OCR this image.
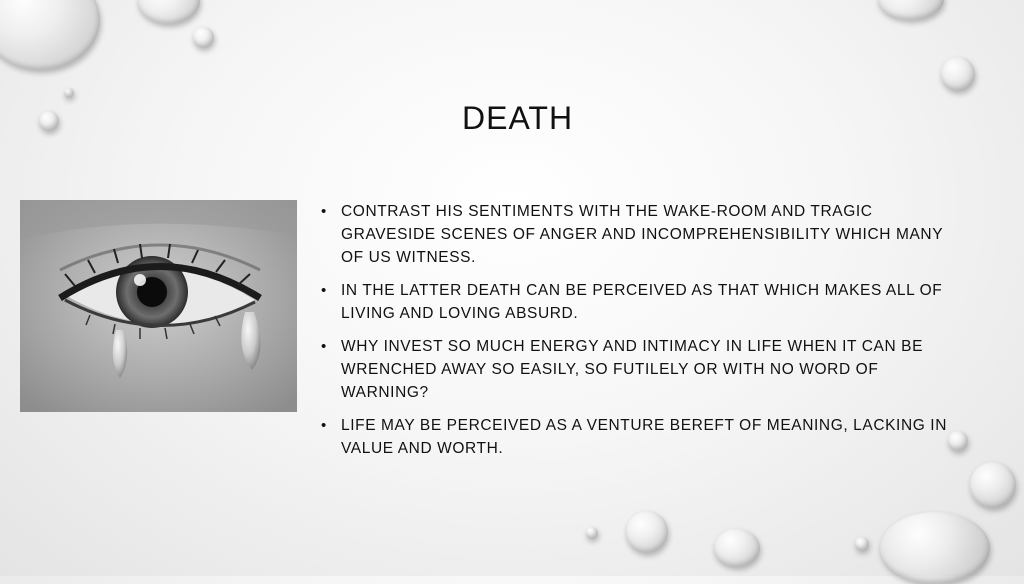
DEATH
• CONTRAST HIS SENTIMENTS WITH THE WAKE-ROOM AND TRAGIC GRAVESIDE SCENES OF ANGER AND INCOMPREHENSIBILITY WHICH MANY OF US WITNESS.
• IN THE LATTER DEATH CAN BE PERCEIVED AS THAT WHICH MAKES ALL OF LIVING AND LOVING ABSURD.
• WHY INVEST SO MUCH ENERGY AND INTIMACY IN LIFE WHEN IT CAN BE WRENCHED AWAY SO EASILY, SO FUTILELY OR WITH NO WORD OF WARNING?
• LIFE MAY BE PERCEIVED AS A VENTURE BEREFT OF MEANING, LACKING IN VALUE AND WORTH.
